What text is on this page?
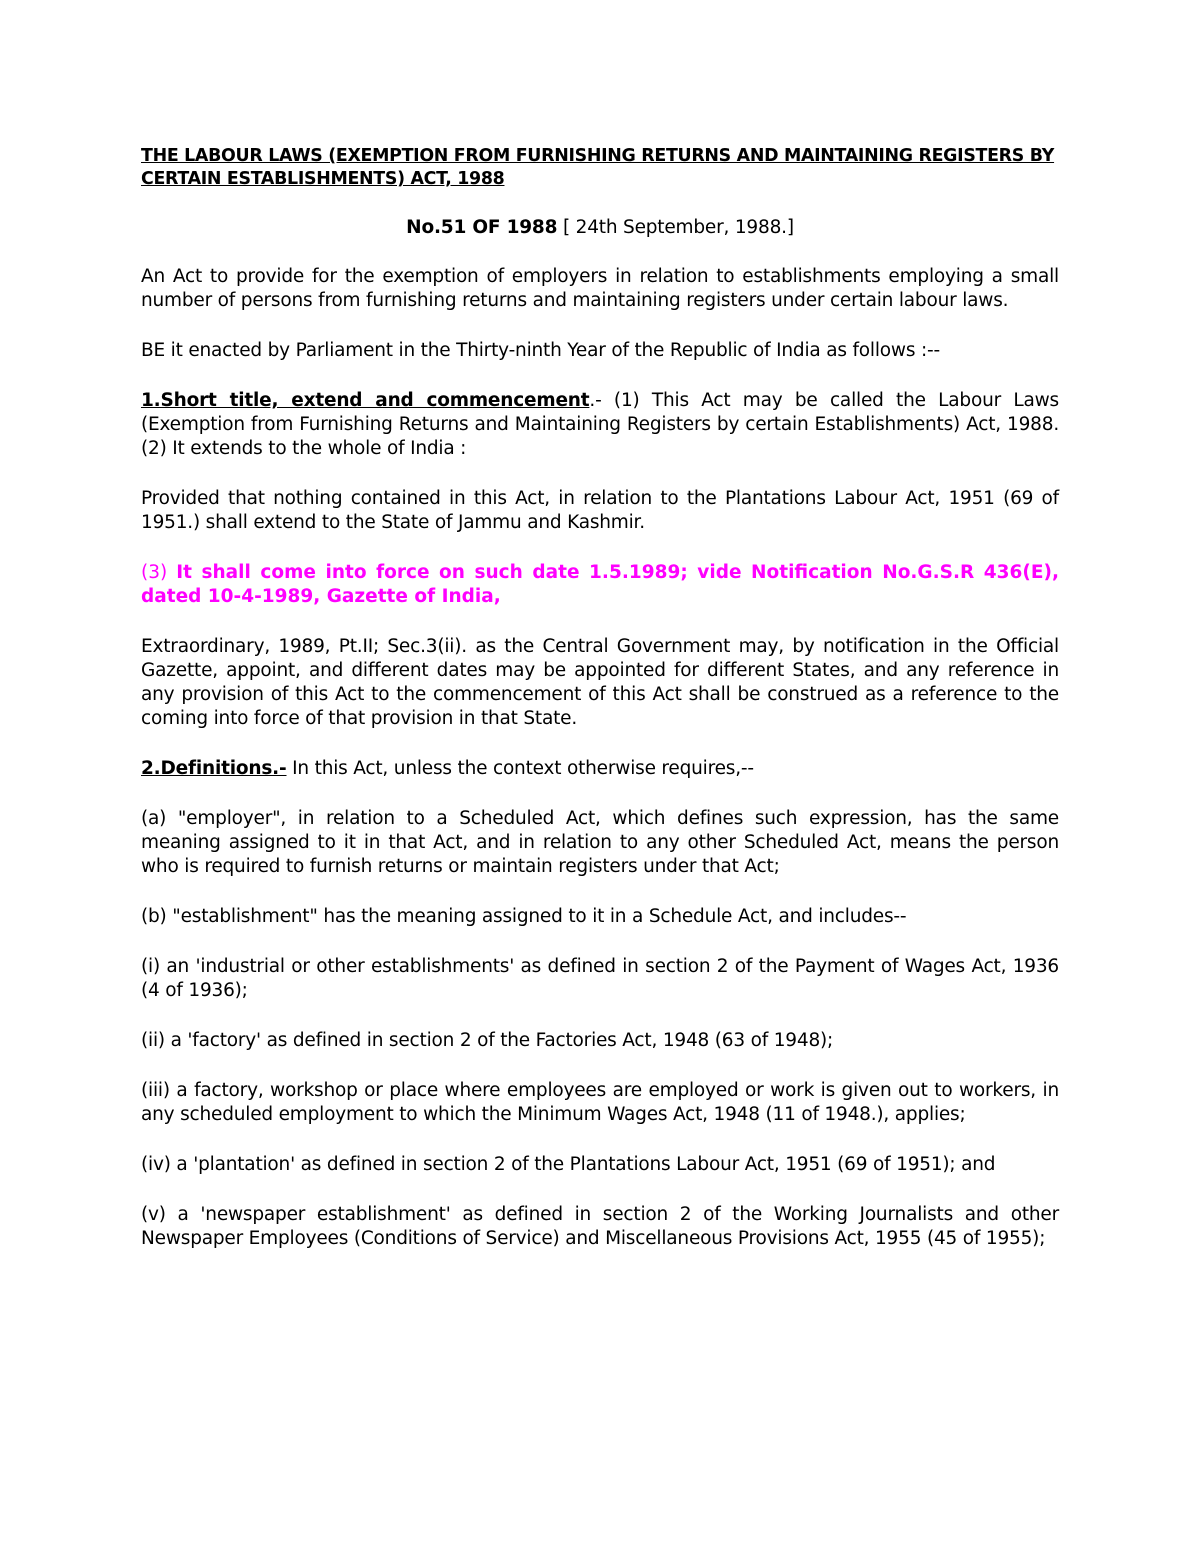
THE LABOUR LAWS (EXEMPTION FROM FURNISHING RETURNS AND MAINTAINING REGISTERS BY CERTAIN ESTABLISHMENTS) ACT, 1988
No.51 OF 1988 [ 24th September, 1988.]

An Act to provide for the exemption of employers in relation to establishments employing a small number of persons from furnishing returns and maintaining registers under certain labour laws.

BE it enacted by Parliament in the Thirty-ninth Year of the Republic of India as follows :--

1.Short title, extend and commencement.- (1) This Act may be called the Labour Laws (Exemption from Furnishing Returns and Maintaining Registers by certain Establishments) Act, 1988. (2) It extends to the whole of India :

Provided that nothing contained in this Act, in relation to the Plantations Labour Act, 1951 (69 of 1951.) shall extend to the State of Jammu and Kashmir.

(3) It shall come into force on such date 1.5.1989; vide Notification No.G.S.R 436(E), dated 10-4-1989, Gazette of India,

Extraordinary, 1989, Pt.II; Sec.3(ii). as the Central Government may, by notification in the Official Gazette, appoint, and different dates may be appointed for different States, and any reference in any provision of this Act to the commencement of this Act shall be construed as a reference to the coming into force of that provision in that State.

2.Definitions.- In this Act, unless the context otherwise requires,--

(a) "employer", in relation to a Scheduled Act, which defines such expression, has the same meaning assigned to it in that Act, and in relation to any other Scheduled Act, means the person who is required to furnish returns or maintain registers under that Act;

(b) "establishment" has the meaning assigned to it in a Schedule Act, and includes--

(i) an 'industrial or other establishments' as defined in section 2 of the Payment of Wages Act, 1936 (4 of 1936);

(ii) a 'factory' as defined in section 2 of the Factories Act, 1948 (63 of 1948);

(iii) a factory, workshop or place where employees are employed or work is given out to workers, in any scheduled employment to which the Minimum Wages Act, 1948 (11 of 1948.), applies;

(iv) a 'plantation' as defined in section 2 of the Plantations Labour Act, 1951 (69 of 1951); and

(v) a 'newspaper establishment' as defined in section 2 of the Working Journalists and other Newspaper Employees (Conditions of Service) and Miscellaneous Provisions Act, 1955 (45 of 1955);
